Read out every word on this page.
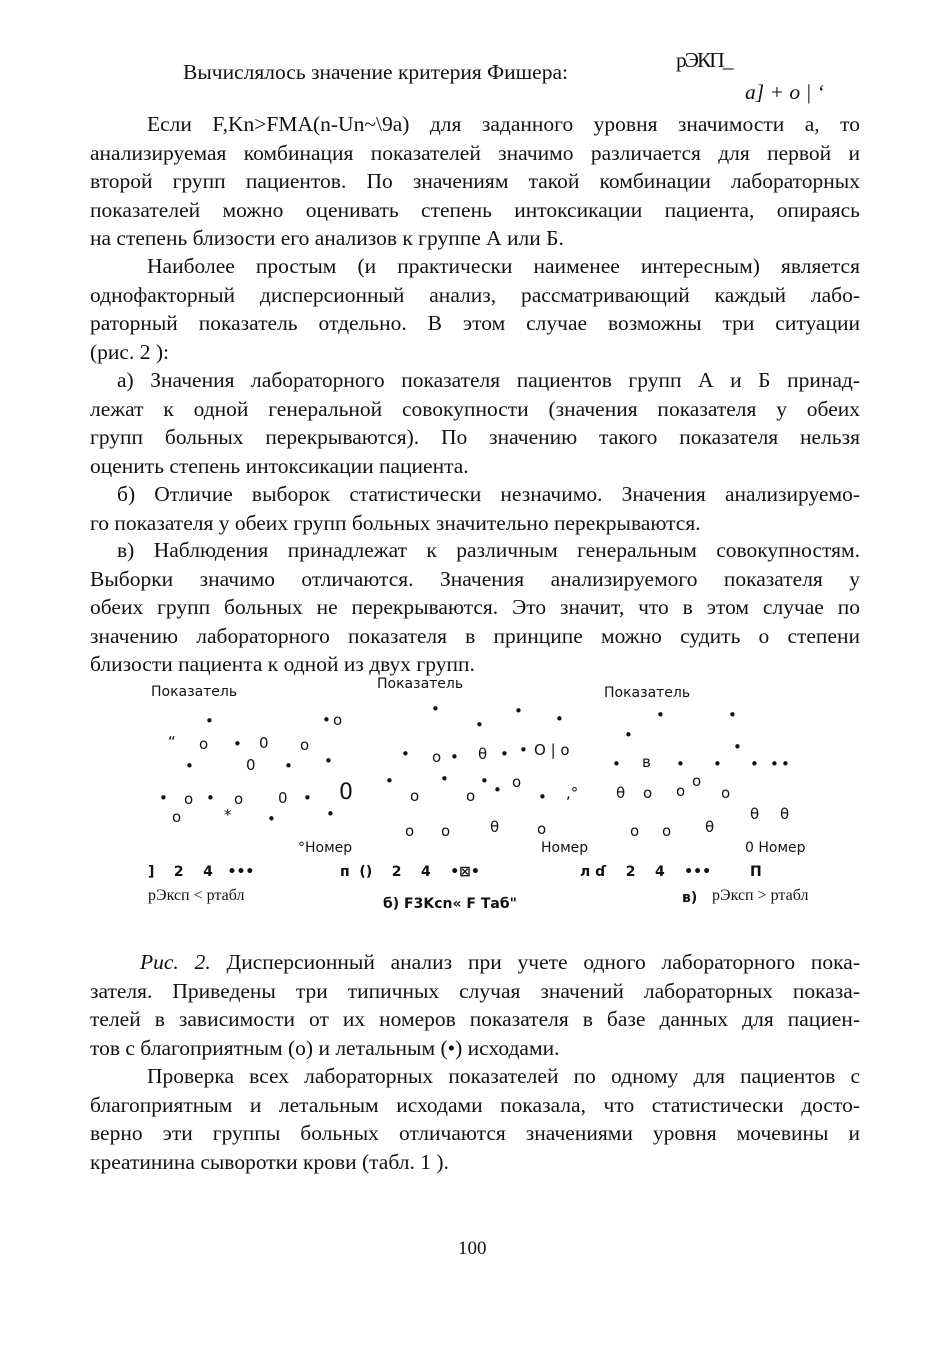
Вычислялось значение критерия Фишера:	рЭКП_
a] + o | ‘
Если F,Kn>FMA(n-Un~\9a) для заданного уровня значимости а, то
анализируемая комбинация показателей значимо различается для первой и
второй групп пациентов. По значениям такой комбинации лабораторных
показателей можно оценивать степень интоксикации пациента, опираясь
на степень близости его анализов к группе А или Б.
Наиболее простым (и практически наименее интересным) является
однофакторный дисперсионный анализ, рассматривающий каждый лабо-
раторный показатель отдельно. В этом случае возможны три ситуации
(рис. 2 ):
а) Значения лабораторного показателя пациентов групп А и Б принад-
лежат к одной генеральной совокупности (значения показателя у обеих
групп больных перекрываются). По значению такого показателя нельзя
оценить степень интоксикации пациента.
б) Отличие выборок статистически незначимо. Значения анализируемо-
го показателя у обеих групп больных значительно перекрываются.
в) Наблюдения принадлежат к различным генеральным совокупностям.
Выборки значимо отличаются. Значения анализируемого показателя у
обеих групп больных не перекрываются. Это значит, что в этом случае по
значению лабораторного показателя в принципе можно судить о степени
близости пациента к одной из двух групп.
Показатель
°Номер
]    2    4   •••
рЭксп < ртабл
Показатель
Номер
п  ()    2    4    •⊠•
б) F3Kcn« F Таб"
Показатель
0 Номер
л ɗ    2    4    •••        П
в) рЭксп > ртабл
•	• o
“ o • 0 o
•	0 • •
• o • o 0 • 0
o	* •	•
•	•
•	•
• o • θ • • O | o
•	• • o
o	o • • ,°
o o	θ	o
•	•
•
•
• в • • • • •
θ o o
o
o
θ θ
o o θ
Рис. 2. Дисперсионный анализ при учете одного лабораторного пока-
зателя. Приведены три типичных случая значений лабораторных показа-
телей в зависимости от их номеров показателя в базе данных для пациен-
тов с благоприятным (о) и летальным (•) исходами.
Проверка всех лабораторных показателей по одному для пациентов с
благоприятным и летальным исходами показала, что статистически досто-
верно эти группы больных отличаются значениями уровня мочевины и
креатинина сыворотки крови (табл. 1 ).
100
